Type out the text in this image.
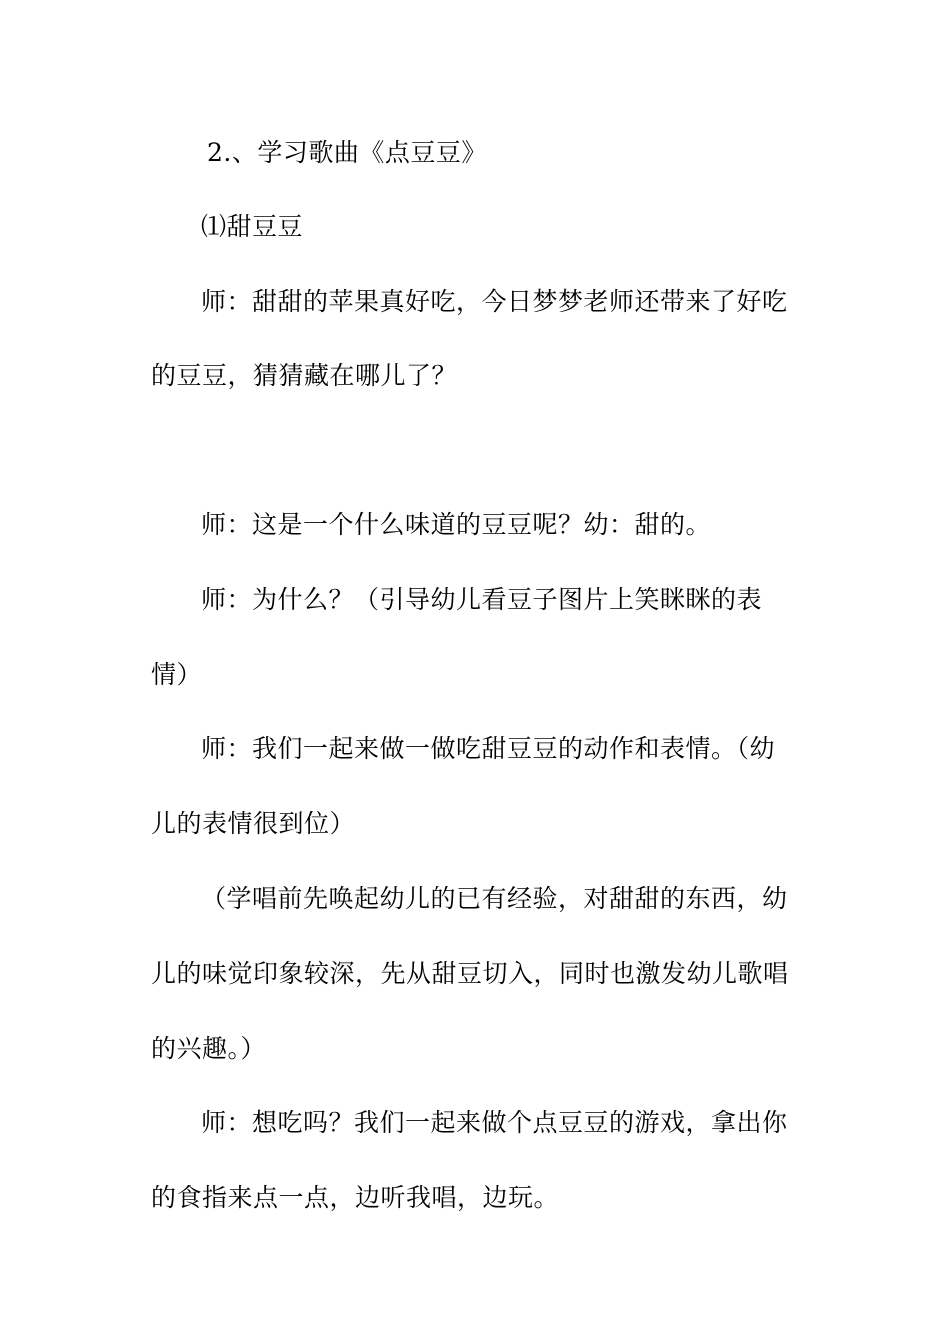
2.、学习歌曲《点豆豆》
⑴甜豆豆
师：甜甜的苹果真好吃，今日梦梦老师还带来了好吃
的豆豆，猜猜藏在哪儿了？
师：这是一个什么味道的豆豆呢？幼：甜的。
师：为什么？（引导幼儿看豆子图片上笑眯眯的表
情）
师：我们一起来做一做吃甜豆豆的动作和表情。（幼
儿的表情很到位）
（学唱前先唤起幼儿的已有经验，对甜甜的东西，幼
儿的味觉印象较深，先从甜豆切入，同时也激发幼儿歌唱
的兴趣。）
师：想吃吗？我们一起来做个点豆豆的游戏，拿出你
的食指来点一点，边听我唱，边玩。
